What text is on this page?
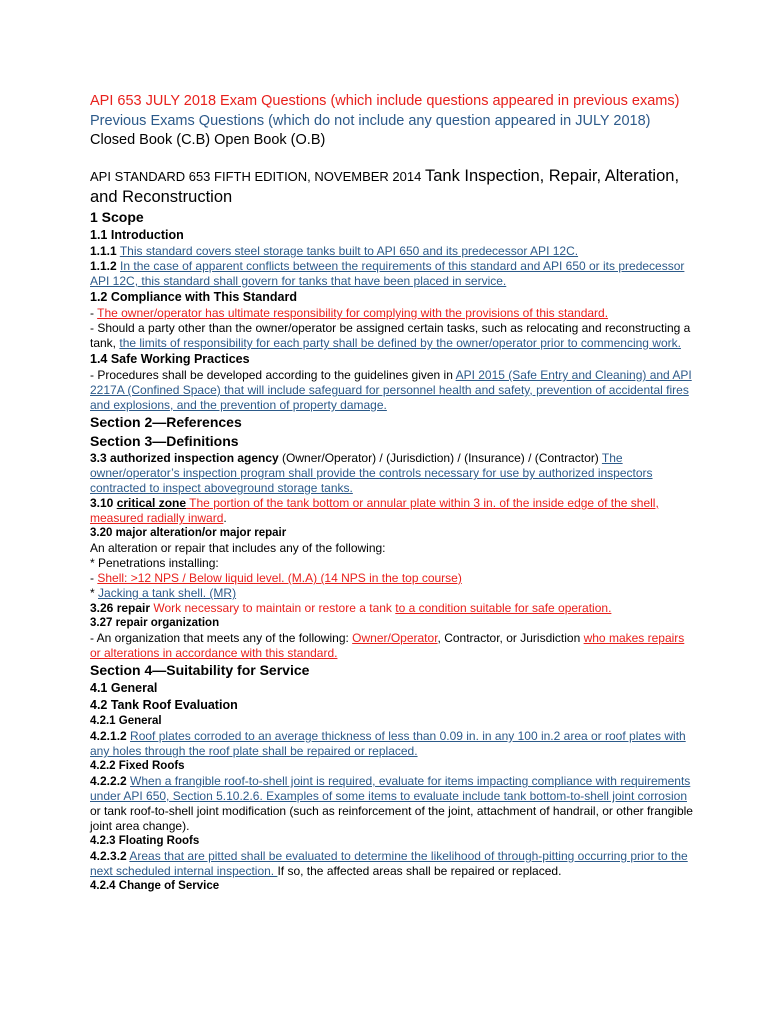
API 653 JULY 2018 Exam Questions (which include questions appeared in previous exams)
Previous Exams Questions (which do not include any question appeared in JULY 2018)
Closed Book (C.B) Open Book (O.B)
API STANDARD 653 FIFTH EDITION, NOVEMBER 2014 Tank Inspection, Repair, Alteration, and Reconstruction
1 Scope
1.1 Introduction
1.1.1 This standard covers steel storage tanks built to API 650 and its predecessor API 12C.
1.1.2 In the case of apparent conflicts between the requirements of this standard and API 650 or its predecessor API 12C, this standard shall govern for tanks that have been placed in service.
1.2 Compliance with This Standard
- The owner/operator has ultimate responsibility for complying with the provisions of this standard.
- Should a party other than the owner/operator be assigned certain tasks, such as relocating and reconstructing a tank, the limits of responsibility for each party shall be defined by the owner/operator prior to commencing work.
1.4 Safe Working Practices
- Procedures shall be developed according to the guidelines given in API 2015 (Safe Entry and Cleaning) and API 2217A (Confined Space) that will include safeguard for personnel health and safety, prevention of accidental fires and explosions, and the prevention of property damage.
Section 2—References
Section 3—Definitions
3.3 authorized inspection agency (Owner/Operator) / (Jurisdiction) / (Insurance) / (Contractor) The owner/operator’s inspection program shall provide the controls necessary for use by authorized inspectors contracted to inspect aboveground storage tanks.
3.10 critical zone The portion of the tank bottom or annular plate within 3 in. of the inside edge of the shell, measured radially inward.
3.20 major alteration/or major repair
An alteration or repair that includes any of the following:
* Penetrations installing:
- Shell: >12 NPS / Below liquid level. (M.A) (14 NPS in the top course)
* Jacking a tank shell. (MR)
3.26 repair Work necessary to maintain or restore a tank to a condition suitable for safe operation.
3.27 repair organization
- An organization that meets any of the following: Owner/Operator, Contractor, or Jurisdiction who makes repairs or alterations in accordance with this standard.
Section 4—Suitability for Service
4.1 General
4.2 Tank Roof Evaluation
4.2.1 General
4.2.1.2 Roof plates corroded to an average thickness of less than 0.09 in. in any 100 in.2 area or roof plates with any holes through the roof plate shall be repaired or replaced.
4.2.2 Fixed Roofs
4.2.2.2 When a frangible roof-to-shell joint is required, evaluate for items impacting compliance with requirements under API 650, Section 5.10.2.6. Examples of some items to evaluate include tank bottom-to-shell joint corrosion or tank roof-to-shell joint modification (such as reinforcement of the joint, attachment of handrail, or other frangible joint area change).
4.2.3 Floating Roofs
4.2.3.2 Areas that are pitted shall be evaluated to determine the likelihood of through-pitting occurring prior to the next scheduled internal inspection. If so, the affected areas shall be repaired or replaced.
4.2.4 Change of Service
